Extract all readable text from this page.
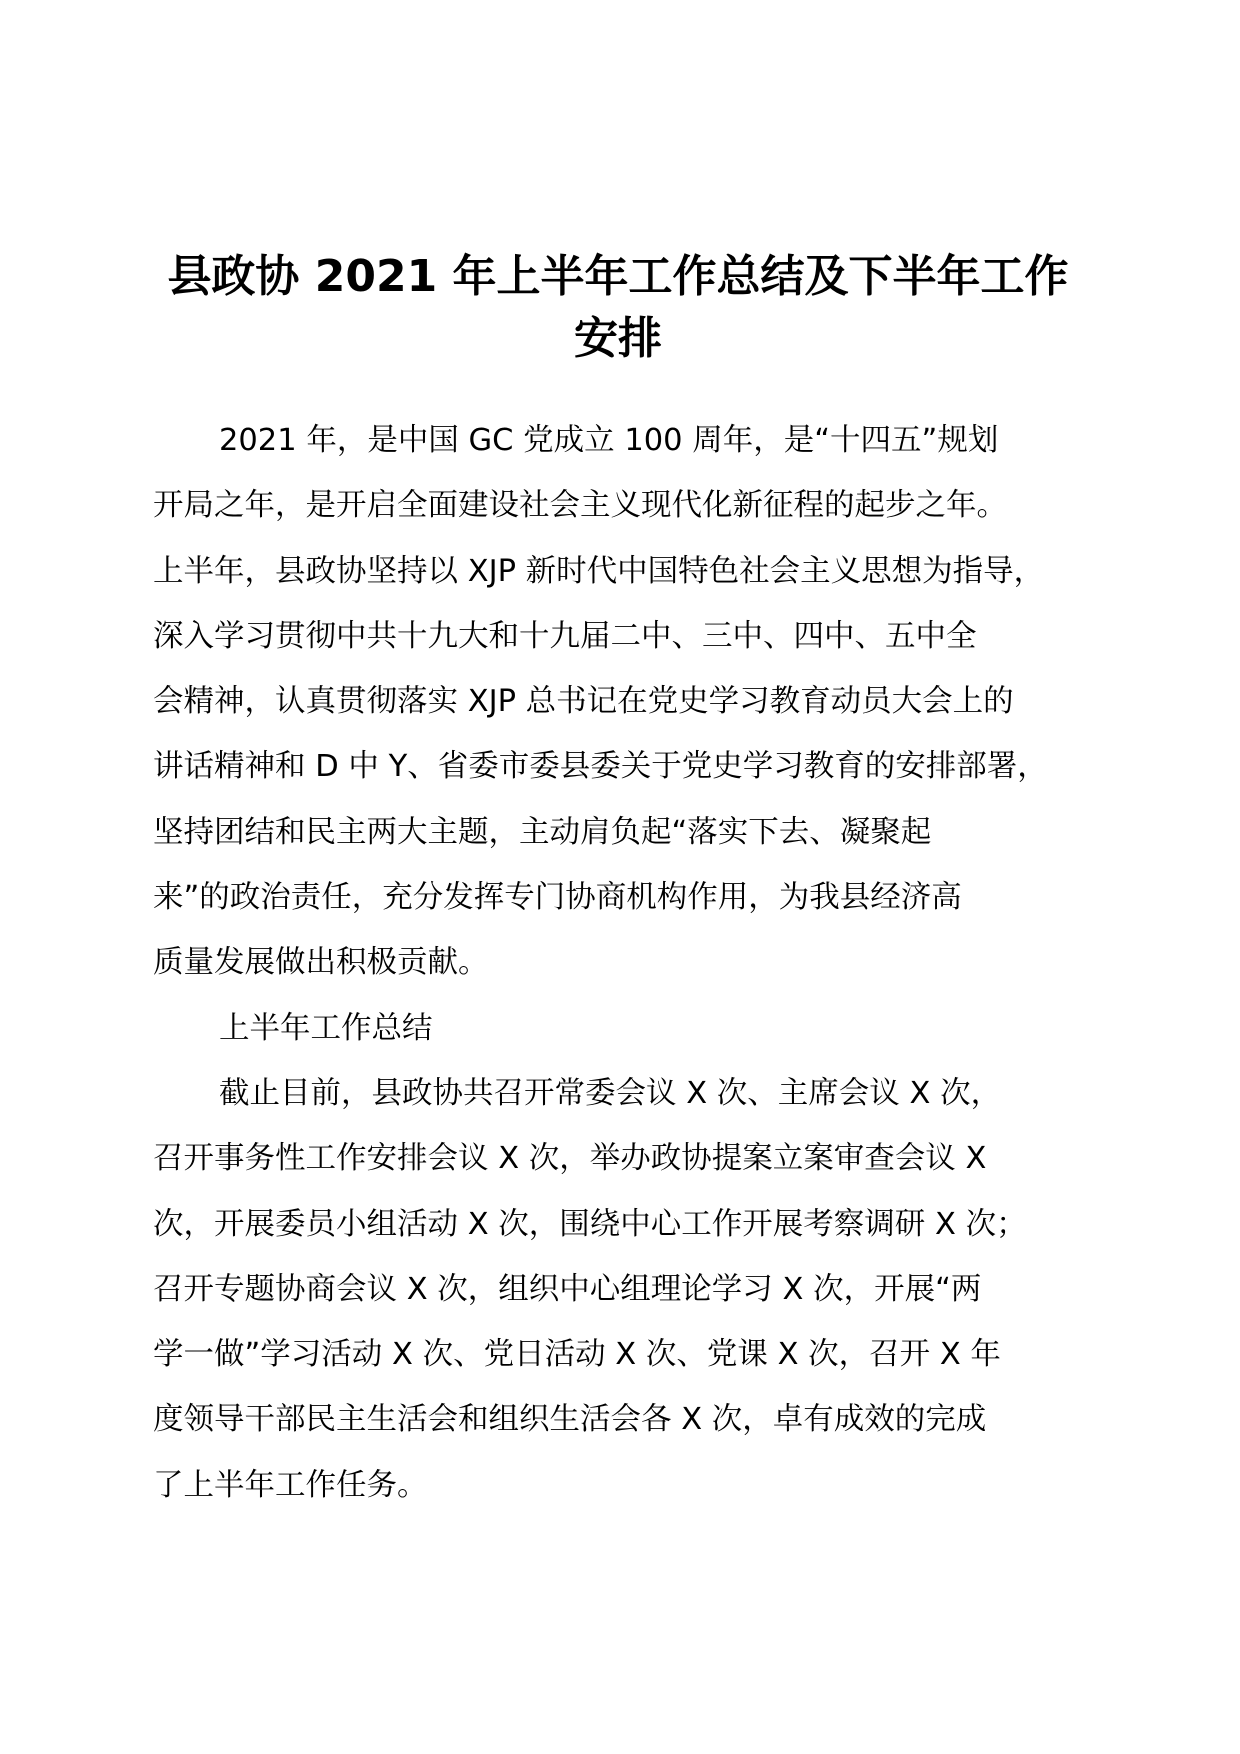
县政协 2021 年上半年工作总结及下半年工作
安排
2021 年，是中国 GC 党成立 100 周年，是“十四五”规划
开局之年，是开启全面建设社会主义现代化新征程的起步之年。
上半年，县政协坚持以 XJP 新时代中国特色社会主义思想为指导，
深入学习贯彻中共十九大和十九届二中、三中、四中、五中全
会精神，认真贯彻落实 XJP 总书记在党史学习教育动员大会上的
讲话精神和 D 中 Y、省委市委县委关于党史学习教育的安排部署，
坚持团结和民主两大主题，主动肩负起“落实下去、凝聚起
来”的政治责任，充分发挥专门协商机构作用，为我县经济高
质量发展做出积极贡献。
上半年工作总结
截止目前，县政协共召开常委会议 X 次、主席会议 X 次，
召开事务性工作安排会议 X 次，举办政协提案立案审查会议 X
次，开展委员小组活动 X 次，围绕中心工作开展考察调研 X 次；
召开专题协商会议 X 次，组织中心组理论学习 X 次，开展“两
学一做”学习活动 X 次、党日活动 X 次、党课 X 次，召开 X 年
度领导干部民主生活会和组织生活会各 X 次，卓有成效的完成
了上半年工作任务。
